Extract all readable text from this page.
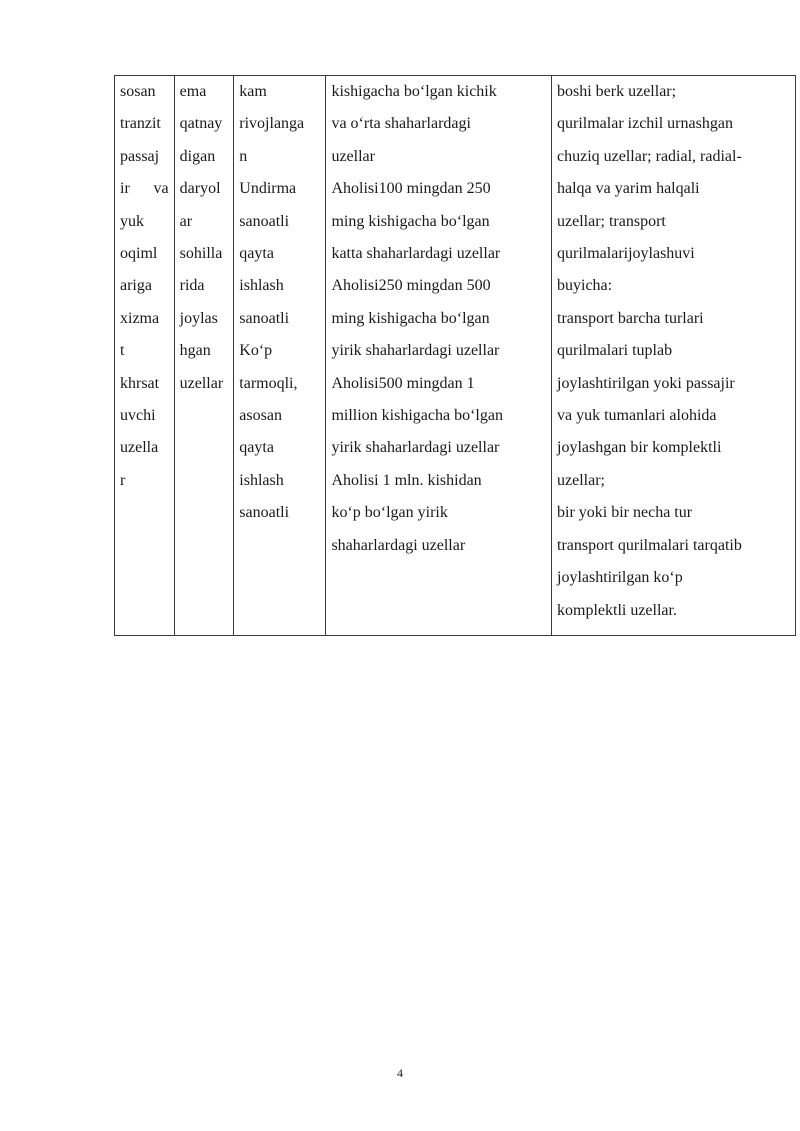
sosan
tranzit
passaj
ir va
yuk
oqiml
ariga
xizma
t
khrsat
uvchi
uzella
r

ema
qatnay
digan
daryol
ar
sohilla
rida
joylas
hgan
uzellar

kam
rivojlanga
n
Undirma
sanoatli
qayta
ishlash
sanoatli
Ko‘p
tarmoqli,
asosan
qayta
ishlash
sanoatli

kishigacha bo‘lgan kichik
va o‘rta shaharlardagi
uzellar
Aholisi100 mingdan 250
ming kishigacha bo‘lgan
katta shaharlardagi uzellar
Aholisi250 mingdan 500
ming kishigacha bo‘lgan
yirik shaharlardagi uzellar
Aholisi500 mingdan 1
million kishigacha bo‘lgan
yirik shaharlardagi uzellar
Aholisi 1 mln. kishidan
ko‘p bo‘lgan yirik
shaharlardagi uzellar

boshi berk uzellar;
qurilmalar izchil urnashgan
chuziq uzellar; radial, radial-
halqa va yarim halqali
uzellar; transport
qurilmalarijoylashuvi
buyicha:
transport barcha turlari
qurilmalari tuplab
joylashtirilgan yoki passajir
va yuk tumanlari alohida
joylashgan bir komplektli
uzellar;
bir yoki bir necha tur
transport qurilmalari tarqatib
joylashtirilgan ko‘p
komplektli uzellar.
4
